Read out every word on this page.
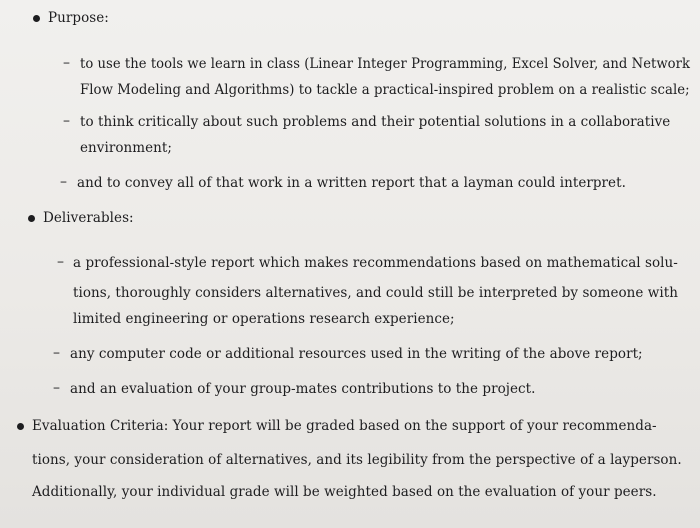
Purpose:
– to use the tools we learn in class (Linear Integer Programming, Excel Solver, and Network
Flow Modeling and Algorithms) to tackle a practical-inspired problem on a realistic scale;
– to think critically about such problems and their potential solutions in a collaborative
environment;
– and to convey all of that work in a written report that a layman could interpret.
Deliverables:
– a professional-style report which makes recommendations based on mathematical solu-
tions, thoroughly considers alternatives, and could still be interpreted by someone with
limited engineering or operations research experience;
– any computer code or additional resources used in the writing of the above report;
– and an evaluation of your group-mates contributions to the project.
Evaluation Criteria: Your report will be graded based on the support of your recommenda-
tions, your consideration of alternatives, and its legibility from the perspective of a layperson.
Additionally, your individual grade will be weighted based on the evaluation of your peers.
